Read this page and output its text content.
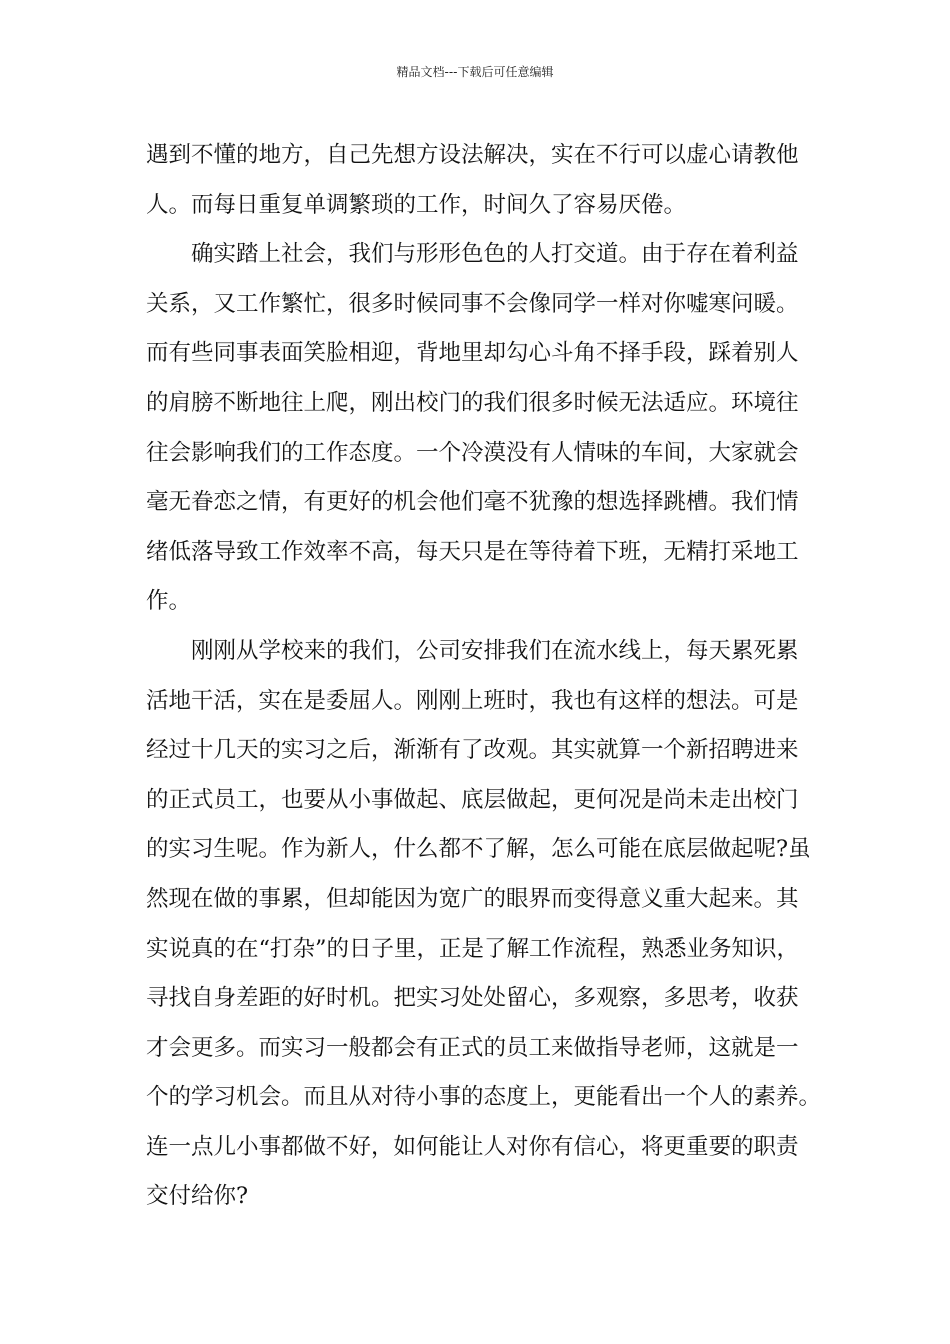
精品文档---下载后可任意编辑
遇到不懂的地方，自己先想方设法解决，实在不行可以虚心请教他
人。而每日重复单调繁琐的工作，时间久了容易厌倦。
确实踏上社会，我们与形形色色的人打交道。由于存在着利益
关系，又工作繁忙，很多时候同事不会像同学一样对你嘘寒问暖。
而有些同事表面笑脸相迎，背地里却勾心斗角不择手段，踩着别人
的肩膀不断地往上爬，刚出校门的我们很多时候无法适应。环境往
往会影响我们的工作态度。一个冷漠没有人情味的车间，大家就会
毫无眷恋之情，有更好的机会他们毫不犹豫的想选择跳槽。我们情
绪低落导致工作效率不高，每天只是在等待着下班，无精打采地工
作。
刚刚从学校来的我们，公司安排我们在流水线上，每天累死累
活地干活，实在是委屈人。刚刚上班时，我也有这样的想法。可是
经过十几天的实习之后，渐渐有了改观。其实就算一个新招聘进来
的正式员工，也要从小事做起、底层做起，更何况是尚未走出校门
的实习生呢。作为新人，什么都不了解，怎么可能在底层做起呢?虽
然现在做的事累，但却能因为宽广的眼界而变得意义重大起来。其
实说真的在“打杂”的日子里，正是了解工作流程，熟悉业务知识，
寻找自身差距的好时机。把实习处处留心，多观察，多思考，收获
才会更多。而实习一般都会有正式的员工来做指导老师，这就是一
个的学习机会。而且从对待小事的态度上，更能看出一个人的素养。
连一点儿小事都做不好，如何能让人对你有信心，将更重要的职责
交付给你?
